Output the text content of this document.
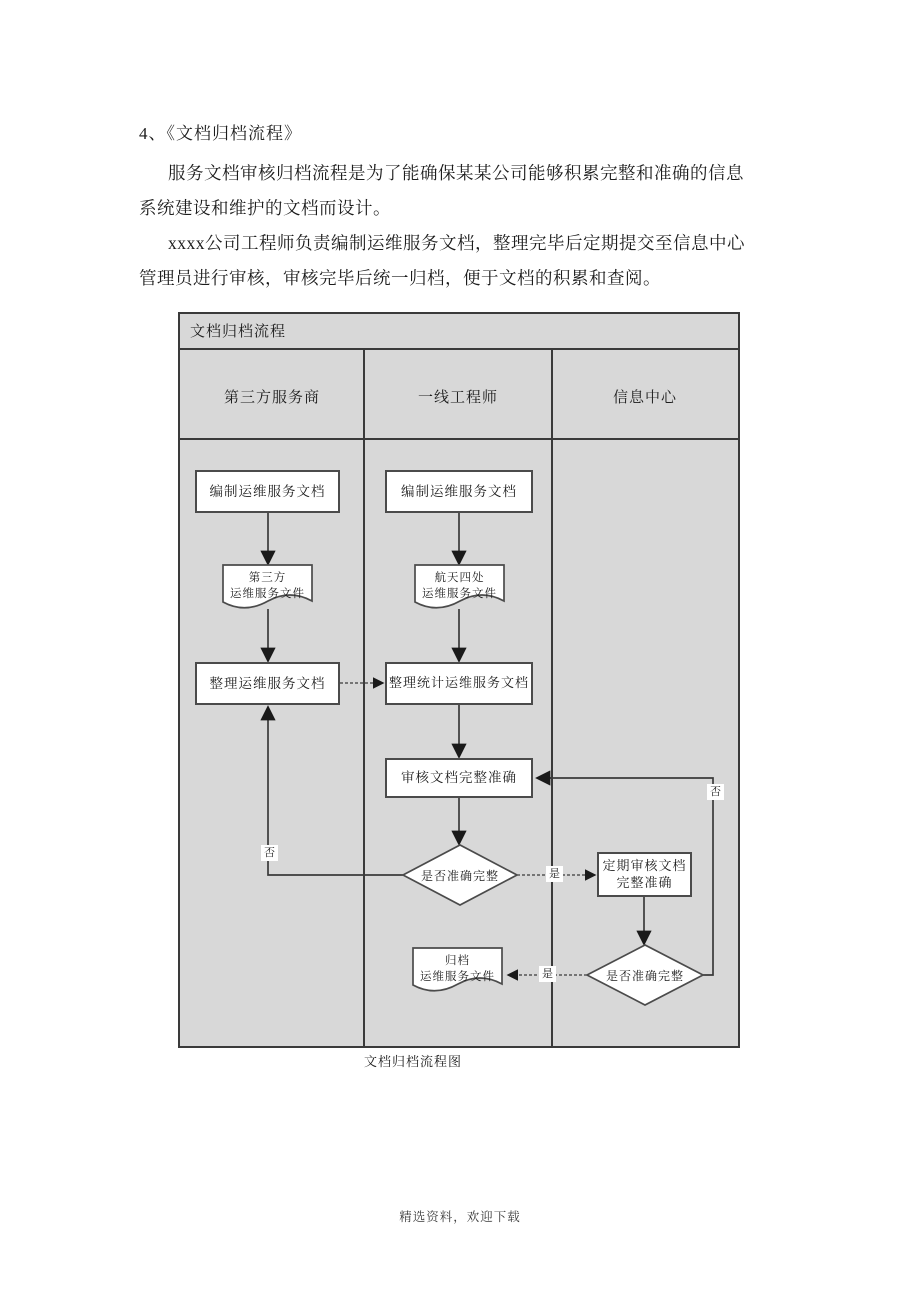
4、《文档归档流程》
服务文档审核归档流程是为了能确保某某公司能够积累完整和准确的信息
系统建设和维护的文档而设计。
xxxx公司工程师负责编制运维服务文档，整理完毕后定期提交至信息中心
管理员进行审核，审核完毕后统一归档，便于文档的积累和查阅。
文档归档流程
第三方服务商	一线工程师	信息中心
编制运维服务文档	编制运维服务文档
整理运维服务文档	整理统计运维服务文档
审核文档完整准确
定期审核文档
完整准确
第三方
运维服务文件
航天四处
运维服务文件
归档
运维服务文件
是否准确完整
是否准确完整
否
是
否
是
文档归档流程图
精选资料，欢迎下载
